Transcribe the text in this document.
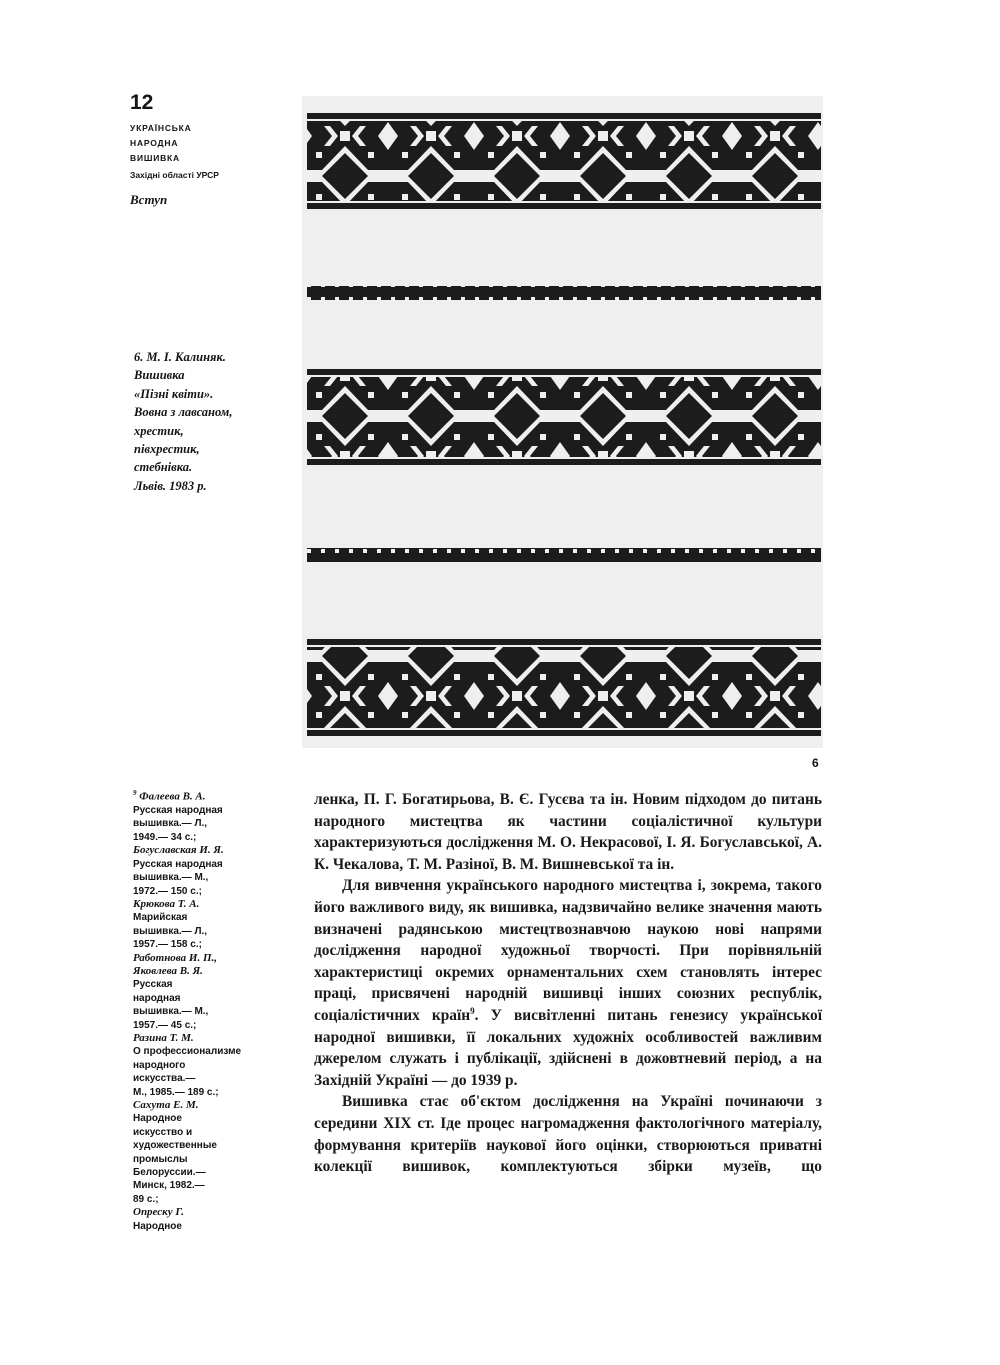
12
УКРАЇНСЬКА
НАРОДНА
ВИШИВКА
Західні області УРСР
Вступ
6. М. І. Калиняк.
Вишивка
«Пізні квіти».
Вовна з лавсаном,
хрестик,
півхрестик,
стебнівка.
Львів. 1983 р.
6
$^9$ Фалеева В. А.
Русская народная
вышивка.— Л.,
1949.— 34 с.;
Богуславская И. Я.
Русская народная
вышивка.— М.,
1972.— 150 с.;
Крюкова Т. А.
Марийская
вышивка.— Л.,
1957.— 158 с.;
Работнова И. П.,
Яковлева В. Я.
Русская
народная
вышивка.— М.,
1957.— 45 с.;
Разина Т. М.
О профессионализме
народного
искусства.—
М., 1985.— 189 с.;
Сахута Е. М.
Народное
искусство и
художественные
промыслы
Белоруссии.—
Минск, 1982.—
89 с.;
Опреску Г.
Народное

ленка, П. Г. Богатирьова, В. Є. Гусєва та ін. Новим підходом до питань народного мистецтва як частини соціалістичної культури характеризуються дослідження М. О. Некрасової, І. Я. Богуславської, А. К. Чекалова, Т. М. Разіної, В. М. Вишневської та ін.

Для вивчення українського народного мистецтва і, зокрема, такого його важливого виду, як вишивка, надзвичайно велике значення мають визначені радянською мистецтвознавчою наукою нові напрями дослідження народної художньої творчості. При порівняльній характеристиці окремих орнаментальних схем становлять інтерес праці, присвячені народній вишивці інших союзних республік, соціалістичних країн$^9$. У висвітленні питань генезису української народної вишивки, її локальних художніх особливостей важливим джерелом служать і публікації, здійснені в дожовтневий період, а на Західній Україні — до 1939 р.

Вишивка стає об'єктом дослідження на Україні починаючи з середини XIX ст. Іде процес нагромадження фактологічного матеріалу, формування критеріїв наукової його оцінки, створюються приватні колекції вишивок, комплектуються збірки музеїв, що
